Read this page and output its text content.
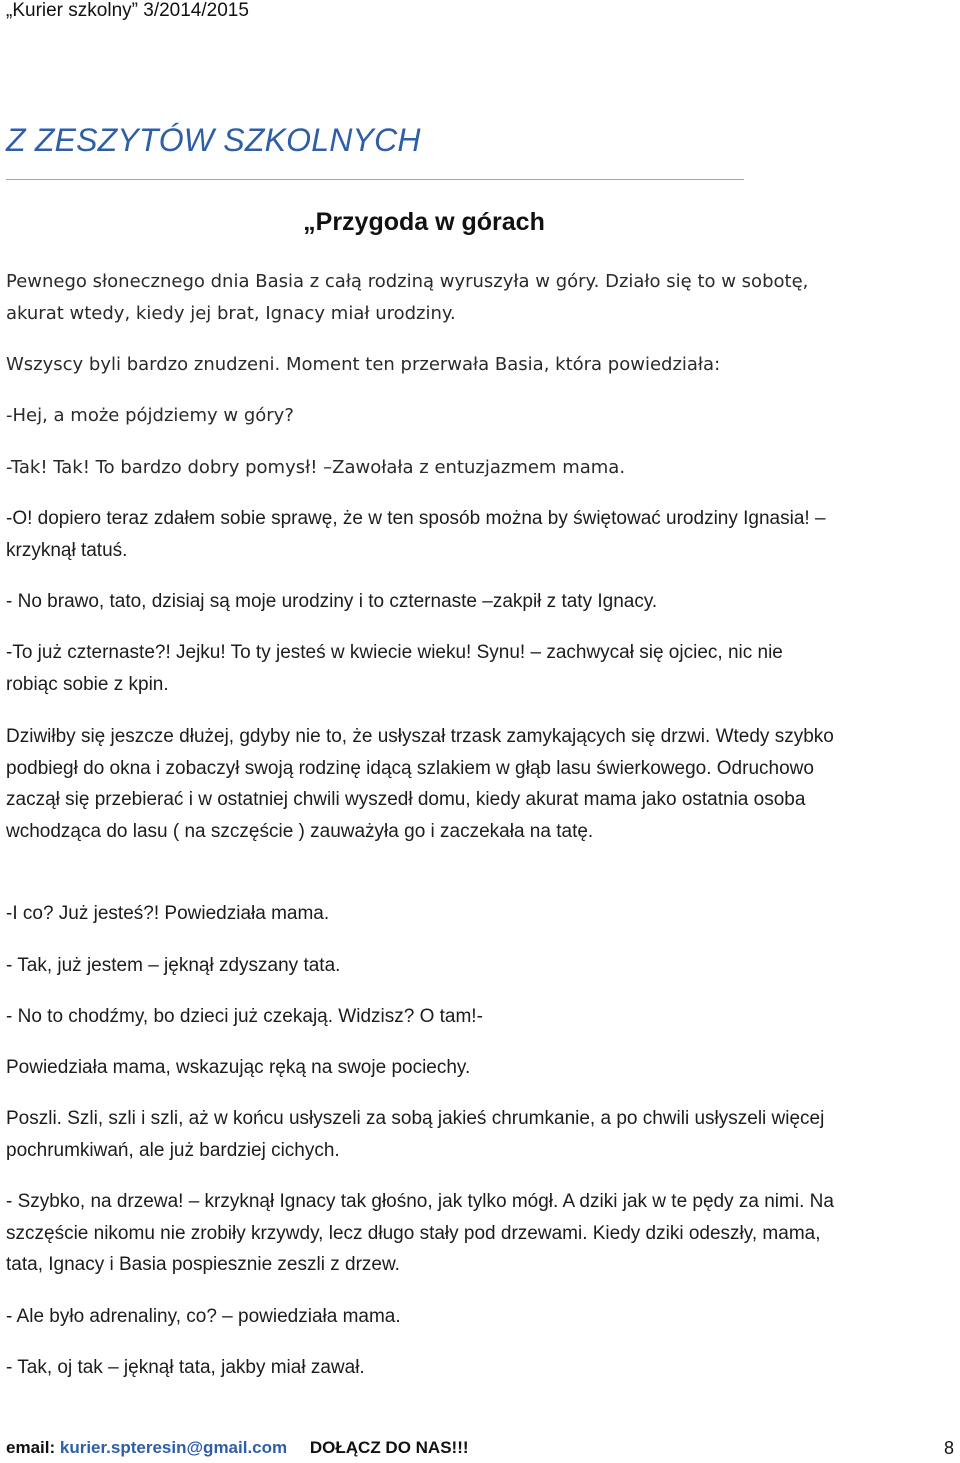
„Kurier szkolny” 3/2014/2015
Z ZESZYTÓW SZKOLNYCH
„Przygoda w górach

Pewnego słonecznego dnia Basia z całą rodziną wyruszyła w góry. Działo się to w sobotę, akurat wtedy, kiedy jej brat, Ignacy miał urodziny.

Wszyscy byli bardzo znudzeni. Moment ten przerwała Basia, która powiedziała:

-Hej, a może pójdziemy w góry?

-Tak! Tak! To bardzo dobry pomysł! –Zawołała z entuzjazmem mama.

-O! dopiero teraz zdałem sobie sprawę, że w ten sposób można by świętować urodziny Ignasia! –krzyknął tatuś.

- No brawo, tato, dzisiaj są moje urodziny i to czternaste –zakpił z taty Ignacy.

-To już czternaste?! Jejku! To ty jesteś w kwiecie wieku! Synu! – zachwycał się ojciec, nic nie robiąc sobie z kpin.

Dziwiłby się jeszcze dłużej, gdyby nie to, że usłyszał trzask zamykających się drzwi. Wtedy szybko podbiegł do okna i zobaczył swoją rodzinę idącą szlakiem w głąb lasu świerkowego. Odruchowo zaczął się przebierać i w ostatniej chwili wyszedł domu, kiedy akurat mama jako ostatnia osoba wchodząca do lasu ( na szczęście ) zauważyła go i zaczekała na tatę.

-I co? Już jesteś?! Powiedziała mama.

- Tak, już jestem – jęknął zdyszany tata.

- No to chodźmy, bo dzieci już czekają. Widzisz? O tam!-

Powiedziała mama, wskazując ręką na swoje pociechy.

Poszli. Szli, szli i szli, aż w końcu usłyszeli za sobą jakieś chrumkanie, a po chwili usłyszeli więcej pochrumkiwań, ale już bardziej cichych.

- Szybko, na drzewa! – krzyknął Ignacy tak głośno, jak tylko mógł. A dziki jak w te pędy za nimi. Na szczęście nikomu nie zrobiły krzywdy, lecz długo stały pod drzewami. Kiedy dziki odeszły, mama, tata, Ignacy i Basia pospiesznie zeszli z drzew.

- Ale było adrenaliny, co? – powiedziała mama.

- Tak, oj tak – jęknął tata, jakby miał zawał.

email: kurier.spteresin@gmail.com DOŁĄCZ DO NAS!!!	8
